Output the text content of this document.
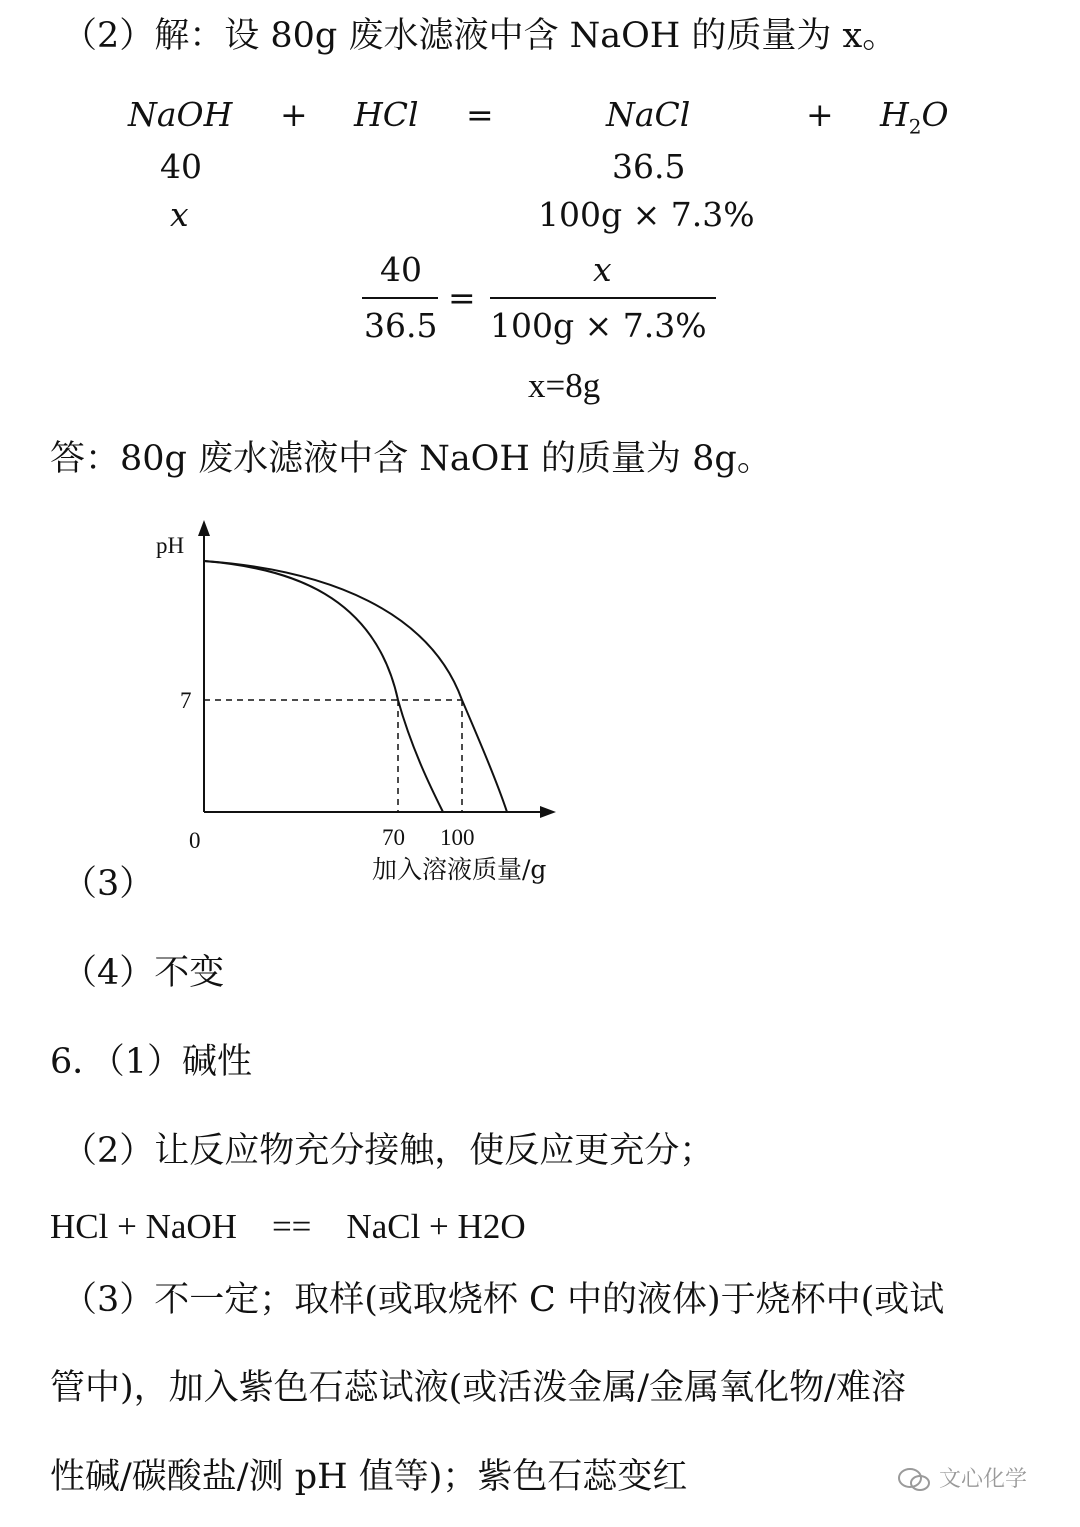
（2）解：设 80g 废水滤液中含 NaOH 的质量为 x。
NaOH + HCl =	NaCl	+ $H_2O$
40	36.5
x	100g × 7.3%
40
36.5
=
x
100g × 7.3%
x=8g
答：80g 废水滤液中含 NaOH 的质量为 8g。
pH
7
0	70 100
加入溶液质量/g
（3）
（4）不变
6．（1）碱性
（2）让反应物充分接触，使反应更充分；
HCl + NaOH    ==    NaCl + H2O
（3）不一定；取样(或取烧杯 C 中的液体)于烧杯中(或试
管中)，加入紫色石蕊试液(或活泼金属/金属氧化物/难溶
性碱/碳酸盐/测 pH 值等)；紫色石蕊变红	文心化学
